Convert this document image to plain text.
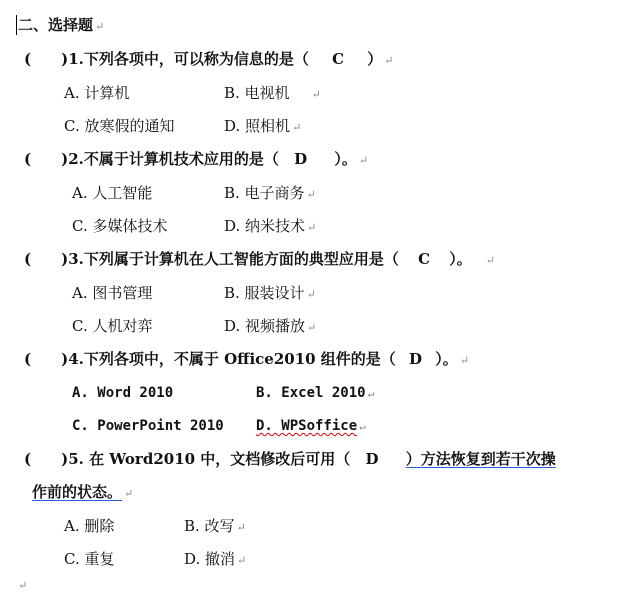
二、选择题 ↵
(　　)1.下列各项中，可以称为信息的是（ C ） ↵
A. 计算机	B. 电视机 ↵
C. 放寒假的通知	D. 照相机 ↵
(　　)2.不属于计算机技术应用的是（ D ）。 ↵
A. 人工智能	B. 电子商务 ↵
C. 多媒体技术	D. 纳米技术 ↵
(　　)3.下列属于计算机在人工智能方面的典型应用是（ C ）。 ↵
A. 图书管理	B. 服装设计 ↵
C. 人机对弈	D. 视频播放 ↵
(　　)4.下列各项中，不属于 Office2010 组件的是（ D ）。 ↵
A. Word 2010	B. Excel 2010 ↵
C. PowerPoint 2010 D. WPSoffice ↵
(　　)5. 在 Word2010 中，文档修改后可用（ D ）方法恢复到若干次操
作前的状态。 ↵
A. 删除	B. 改写 ↵
C. 重复	D. 撤消 ↵
↵
